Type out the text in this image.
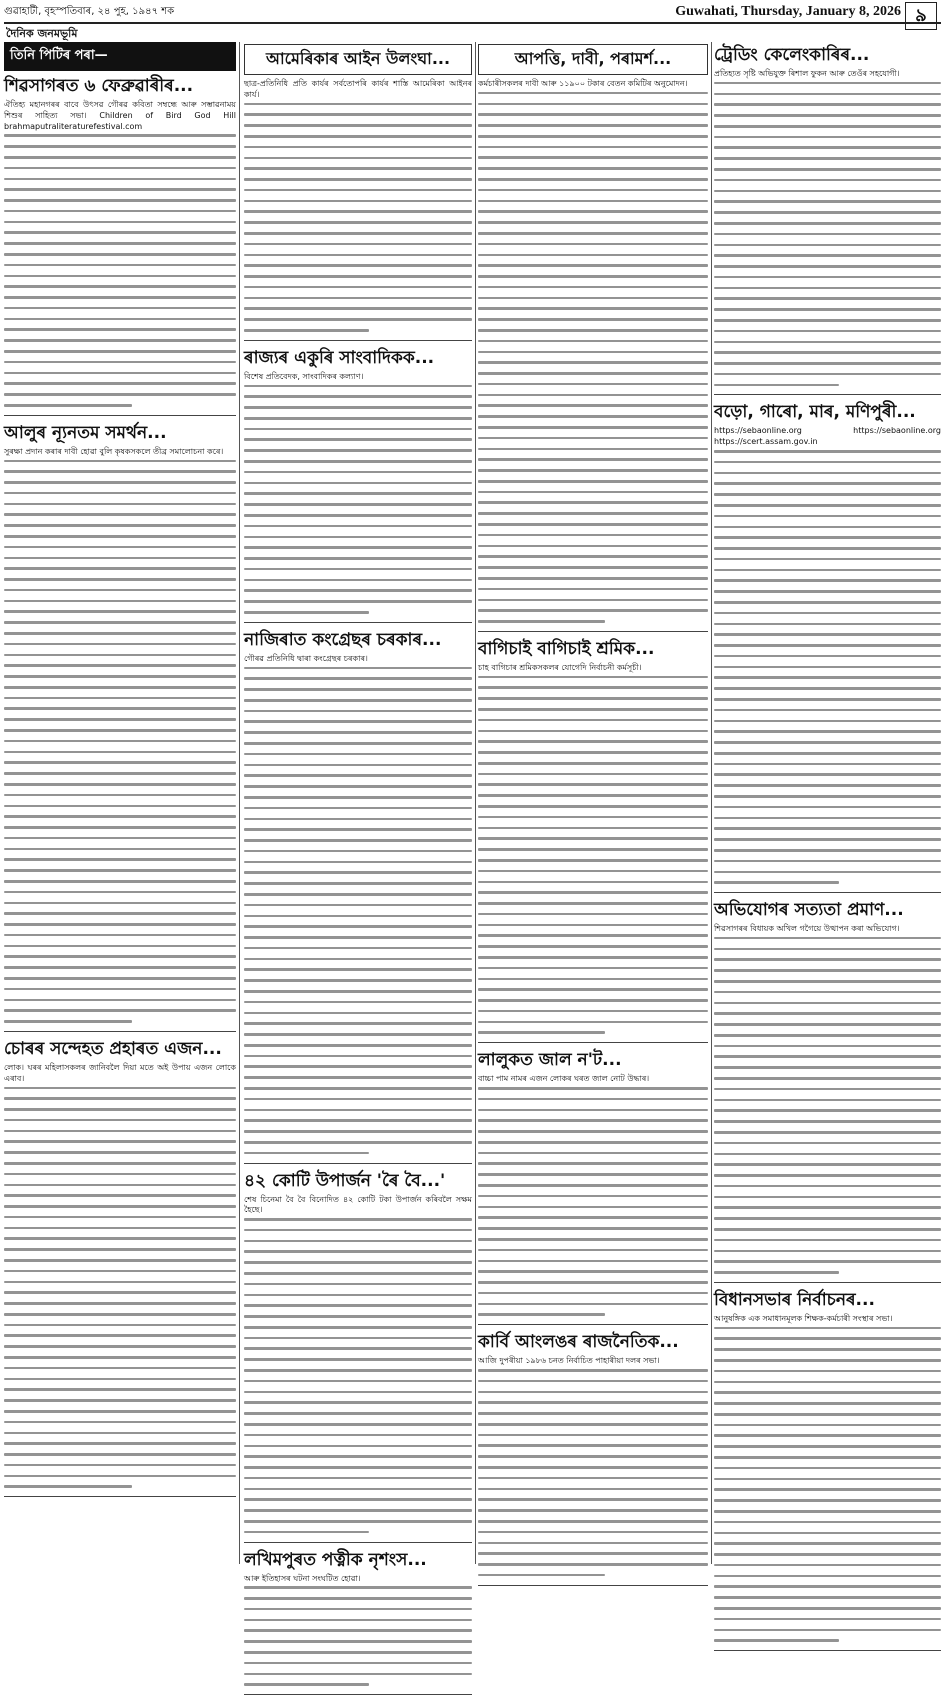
গুৱাহাটী, বৃহস্পতিবাৰ, ২৪ পুহ, ১৯৪৭ শক	Guwahati, Thursday, January 8, 2026 ৯
দৈনিক জনমভূমি
তিনি পিটিৰ পৰা—
শিৱসাগৰত ৬ ফেব্ৰুৱাৰীৰ...

ঐতিহ্য মহানগৰৰ বাবে উৎসৱ গৌৰৱ কবিতা সম্বন্ধে আৰু সম্ভাৱনাময় শিশুৰ সাহিত্য সভা। Children of Bird God Hill brahmaputraliteraturefestival.com

আলুৰ ন্যূনতম সমৰ্থন...

সুৰক্ষা প্ৰদান কৰাৰ দাবী হোৱা বুলি কৃষকসকলে তীব্ৰ সমালোচনা কৰে।

চোৰৰ সন্দেহত প্ৰহাৰত এজন...

লোক। ঘৰৰ মহিলাসকলৰ জানিবলৈ দিয়া মতে অই উপায় এজন লোকে এৰাব।

আমেৰিকাৰ আইন উলংঘা...

ছাত্ৰ-প্ৰতিনিধি প্ৰতি কাৰ্যৰ সৰ্বতোপৰি কাৰ্যৰ শাস্তি আমেৰিকা আইনৰ কাৰ্য।

ৰাজ্যৰ একুৰি সাংবাদিকক...

বিশেষ প্ৰতিবেদক, সাংবাদিকৰ কল্যাণ।

নাজিৰাত কংগ্ৰেছৰ চৰকাৰ...

গৌৰৱ প্ৰতিনিধি দ্বাৰা কংগ্ৰেছৰ চৰকাৰ।

৪২ কোটি উপাৰ্জন 'ৰৈ বৈ...'

শেষ চিনেমা বৈ বৈ বিনোদিত ৪২ কোটি টকা উপাৰ্জন কৰিবলৈ সক্ষম হৈছে।

লখিমপুৰত পত্নীক নৃশংস...

আৰু ইতিহাসৰ ঘটনা সংঘটিত হোৱা।

আপত্তি, দাবী, পৰামৰ্শ...

কৰ্মচাৰীসকলৰ দাবী আৰু ১১৯০০ টকাৰ বেতন কমিটিৰ অনুমোদন।

বাগিচাই বাগিচাই শ্ৰমিক...

চাহ বাগিচাৰ শ্ৰমিকসকলৰ যোগেদি নিৰ্বাচনী কৰ্মসূচী।

লালুকত জাল ন'ট...

বাচ্চা পাম নামৰ এজন লোকৰ ঘৰত জাল নোট উদ্ধাৰ।

কাৰ্বি আংলঙৰ ৰাজনৈতিক...

আজি দুপৰীয়া ১৯৮৬ চনত নিৰ্বাচিত পাহাৰীয়া দলৰ সভা।

ট্ৰেডিং কেলেংকাৰিৰ...

প্ৰতিহ্যত সৃষ্টি অভিযুক্ত ৰিশাল ফুকন আৰু তেওঁৰ সহযোগী।

বড়ো, গাৰো, মাৰ, মণিপুৰী...

https://sebaonline.org https://sebaonline.org https://scert.assam.gov.in

অভিযোগৰ সত্যতা প্ৰমাণ...

শিৱসাগৰৰ বিধায়ক অখিল গগৈয়ে উত্থাপন কৰা অভিযোগ।

বিধানসভাৰ নিৰ্বাচনৰ...

আনুষঙ্গিক এক সমাধানমূলক শিক্ষক-কৰ্মচাৰী সংস্থাৰ সভা।
